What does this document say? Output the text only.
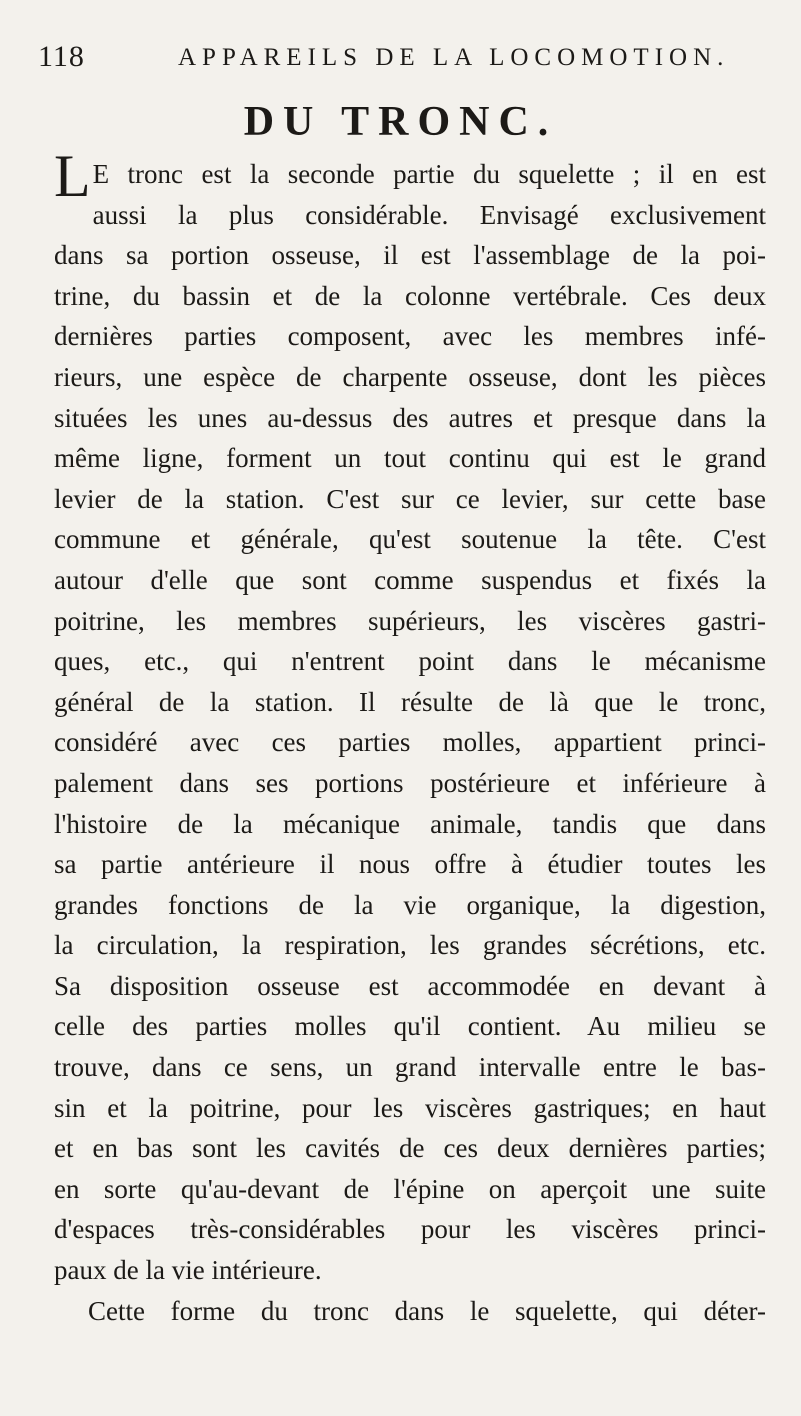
118	APPAREILS DE LA LOCOMOTION.
DU TRONC.
L E tronc est la seconde partie du squelette ; il en est
aussi la plus considérable. Envisagé exclusivement
dans sa portion osseuse, il est l'assemblage de la poi-
trine, du bassin et de la colonne vertébrale. Ces deux
dernières parties composent, avec les membres infé-
rieurs, une espèce de charpente osseuse, dont les pièces
situées les unes au-dessus des autres et presque dans la
même ligne, forment un tout continu qui est le grand
levier de la station. C'est sur ce levier, sur cette base
commune et générale, qu'est soutenue la tête. C'est
autour d'elle que sont comme suspendus et fixés la
poitrine, les membres supérieurs, les viscères gastri-
ques, etc., qui n'entrent point dans le mécanisme
général de la station. Il résulte de là que le tronc,
considéré avec ces parties molles, appartient princi-
palement dans ses portions postérieure et inférieure à
l'histoire de la mécanique animale, tandis que dans
sa partie antérieure il nous offre à étudier toutes les
grandes fonctions de la vie organique, la digestion,
la circulation, la respiration, les grandes sécrétions, etc.
Sa disposition osseuse est accommodée en devant à
celle des parties molles qu'il contient. Au milieu se
trouve, dans ce sens, un grand intervalle entre le bas-
sin et la poitrine, pour les viscères gastriques; en haut
et en bas sont les cavités de ces deux dernières parties;
en sorte qu'au-devant de l'épine on aperçoit une suite
d'espaces très-considérables pour les viscères princi-
paux de la vie intérieure.
Cette forme du tronc dans le squelette, qui déter-
